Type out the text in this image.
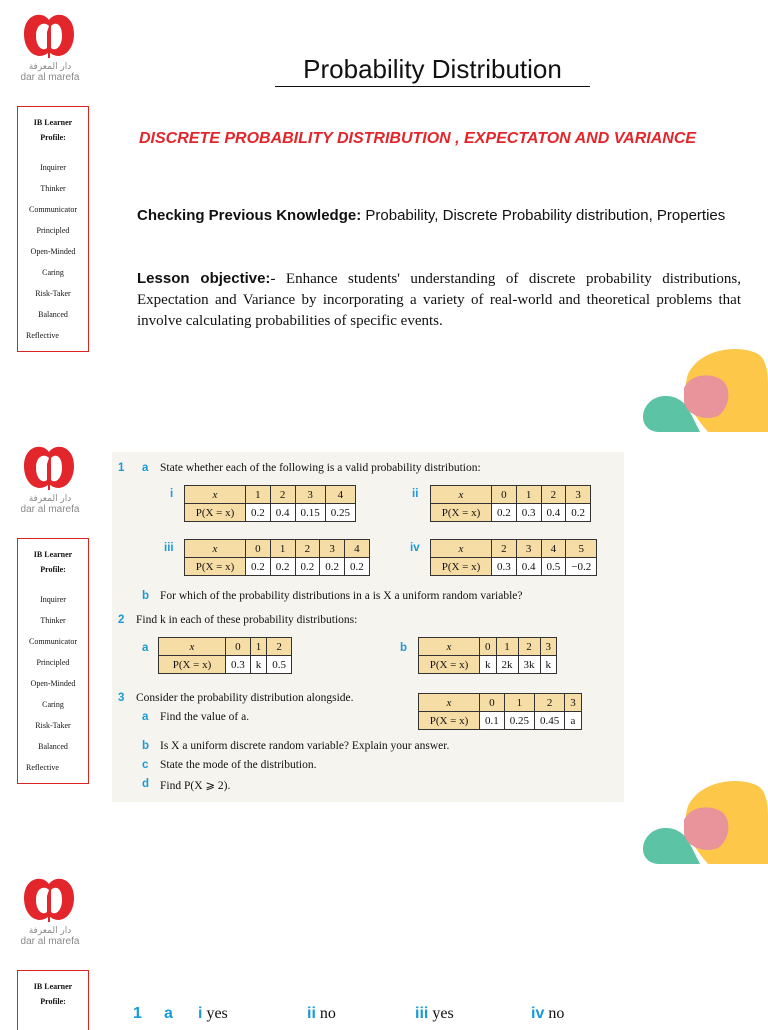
دار المعرفة
dar al marefa
IB Learner
Profile:
Inquirer
Thinker
Communicator
Principled
Open-Minded
Caring
Risk-Taker
Balanced
Reflective
Probability Distribution
DISCRETE PROBABILITY DISTRIBUTION , EXPECTATON AND VARIANCE
Checking Previous Knowledge: Probability, Discrete Probability distribution, Properties
Lesson objective:- Enhance students' understanding of discrete probability distributions, Expectation and Variance by incorporating a variety of real-world and theoretical problems that involve calculating probabilities of specific events.
دار المعرفة
dar al marefa
IB Learner
Profile:
Inquirer
Thinker
Communicator
Principled
Open-Minded
Caring
Risk-Taker
Balanced
Reflective
1 a State whether each of the following is a valid probability distribution:
i	x	1	2	3	4
P(X = x)	0.2	0.4	0.15	0.25
ii	x	0	1	2	3
P(X = x)	0.2	0.3	0.4	0.2
iii	x	0	1	2	3	4
P(X = x)	0.2	0.2	0.2	0.2	0.2
iv	x	2	3	4	5
P(X = x)	0.3	0.4	0.5	−0.2
b For which of the probability distributions in a is X a uniform random variable?
2 Find k in each of these probability distributions:
a	x	0	1	2
P(X = x)	0.3	k	0.5
b	x	0	1	2	3
P(X = x)	k	2k	3k	k
3 Consider the probability distribution alongside.
a Find the value of a.
x	0	1	2	3
P(X = x)	0.1	0.25	0.45	a
b Is X a uniform discrete random variable? Explain your answer.
c State the mode of the distribution.
d Find P(X ⩾ 2).
دار المعرفة
dar al marefa
IB Learner
Profile:
1 a i yes	ii no	iii yes	iv no
